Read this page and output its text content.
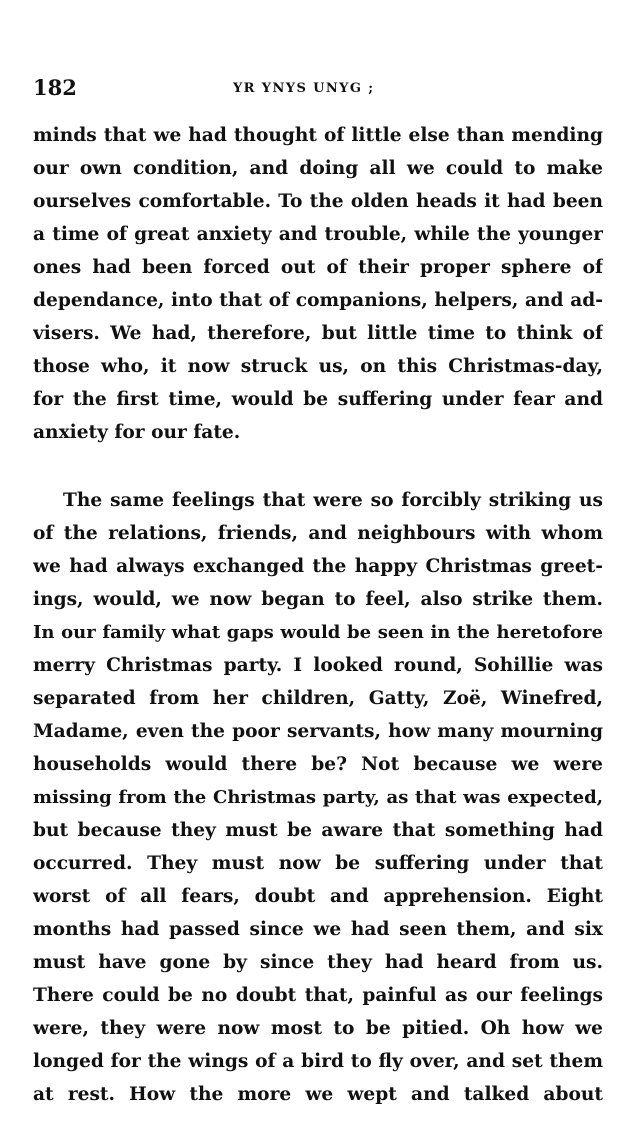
182	YR YNYS UNYG ;
minds that we had thought of little else than mending
our own condition, and doing all we could to make
ourselves comfortable. To the olden heads it had been
a time of great anxiety and trouble, while the younger
ones had been forced out of their proper sphere of
dependance, into that of companions, helpers, and ad-
visers. We had, therefore, but little time to think of
those who, it now struck us, on this Christmas-day,
for the first time, would be suffering under fear and
anxiety for our fate.
The same feelings that were so forcibly striking us
of the relations, friends, and neighbours with whom
we had always exchanged the happy Christmas greet-
ings, would, we now began to feel, also strike them.
In our family what gaps would be seen in the heretofore
merry Christmas party. I looked round, Sohillie was
separated from her children, Gatty, Zoë, Winefred,
Madame, even the poor servants, how many mourning
households would there be? Not because we were
missing from the Christmas party, as that was expected,
but because they must be aware that something had
occurred. They must now be suffering under that
worst of all fears, doubt and apprehension. Eight
months had passed since we had seen them, and six
must have gone by since they had heard from us.
There could be no doubt that, painful as our feelings
were, they were now most to be pitied. Oh how we
longed for the wings of a bird to fly over, and set them
at rest. How the more we wept and talked about
